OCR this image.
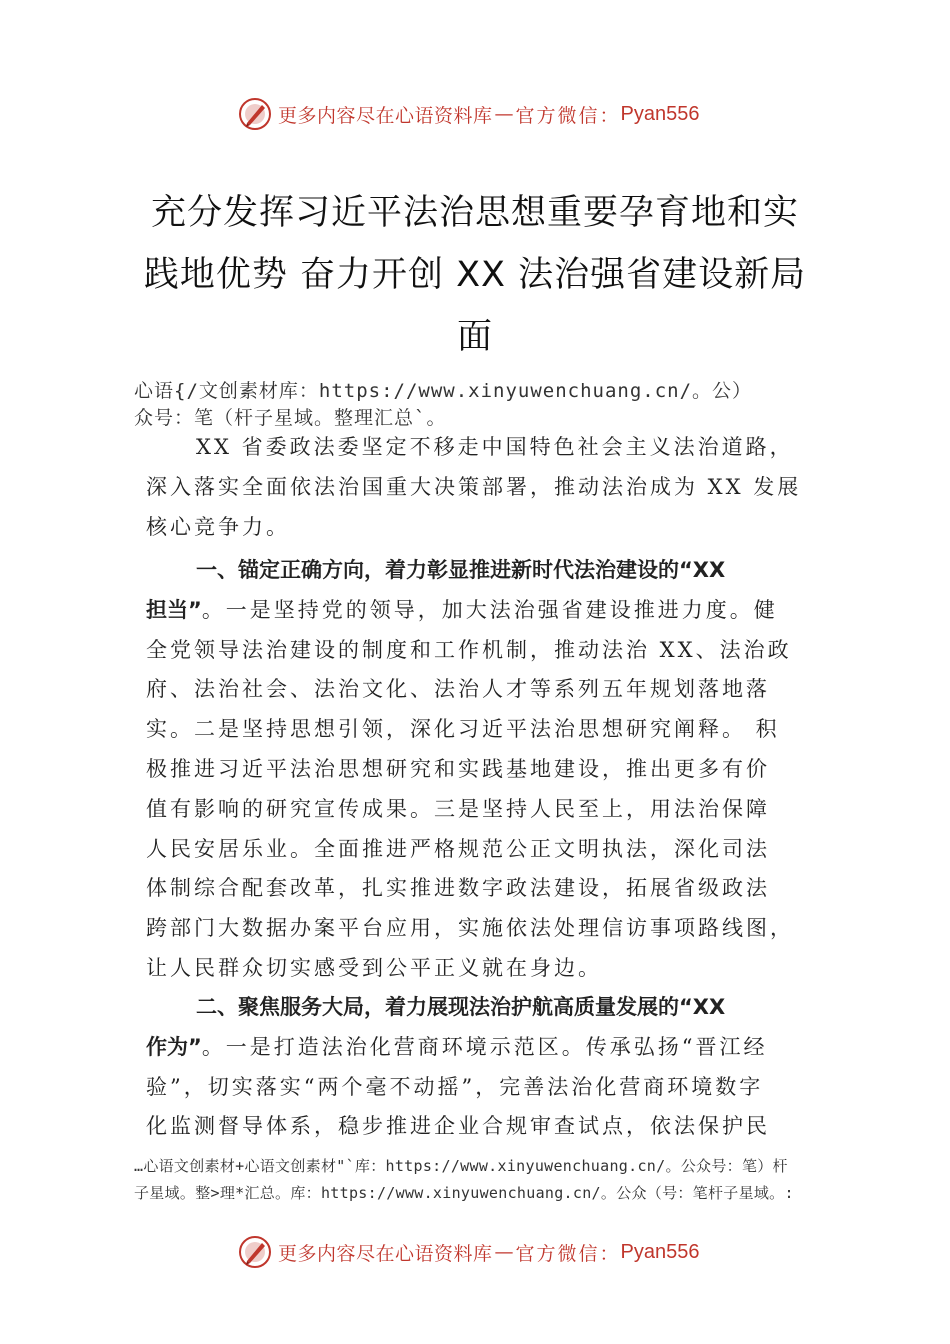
更多内容尽在心语资料库 — 官方微信： Pyan556
充分发挥习近平法治思想重要孕育地和实
践地优势 奋力开创 XX 法治强省建设新局
面
心语{/文创素材库：https://www.xinyuwenchuang.cn/。公）
众号：笔（杆子星域。整理汇总`。
XX 省委政法委坚定不移走中国特色社会主义法治道路，
深入落实全面依法治国重大决策部署，推动法治成为 XX 发展
核心竞争力。
一、锚定正确方向，着力彰显推进新时代法治建设的“XX
担当”。一是坚持党的领导，加大法治强省建设推进力度。健
全党领导法治建设的制度和工作机制，推动法治 XX、法治政
府、法治社会、法治文化、法治人才等系列五年规划落地落
实。二是坚持思想引领，深化习近平法治思想研究阐释。 积
极推进习近平法治思想研究和实践基地建设，推出更多有价
值有影响的研究宣传成果。三是坚持人民至上，用法治保障
人民安居乐业。全面推进严格规范公正文明执法，深化司法
体制综合配套改革，扎实推进数字政法建设，拓展省级政法
跨部门大数据办案平台应用，实施依法处理信访事项路线图，
让人民群众切实感受到公平正义就在身边。
二、聚焦服务大局，着力展现法治护航高质量发展的“XX
作为”。一是打造法治化营商环境示范区。传承弘扬“晋江经
验”，切实落实“两个毫不动摇”，完善法治化营商环境数字
化监测督导体系，稳步推进企业合规审查试点，依法保护民
…心语文创素材+心语文创素材"`库：https://www.xinyuwenchuang.cn/。公众号：笔）杆
子星域。整>理*汇总。库：https://www.xinyuwenchuang.cn/。公众（号：笔杆子星域。:
更多内容尽在心语资料库 — 官方微信： Pyan556
